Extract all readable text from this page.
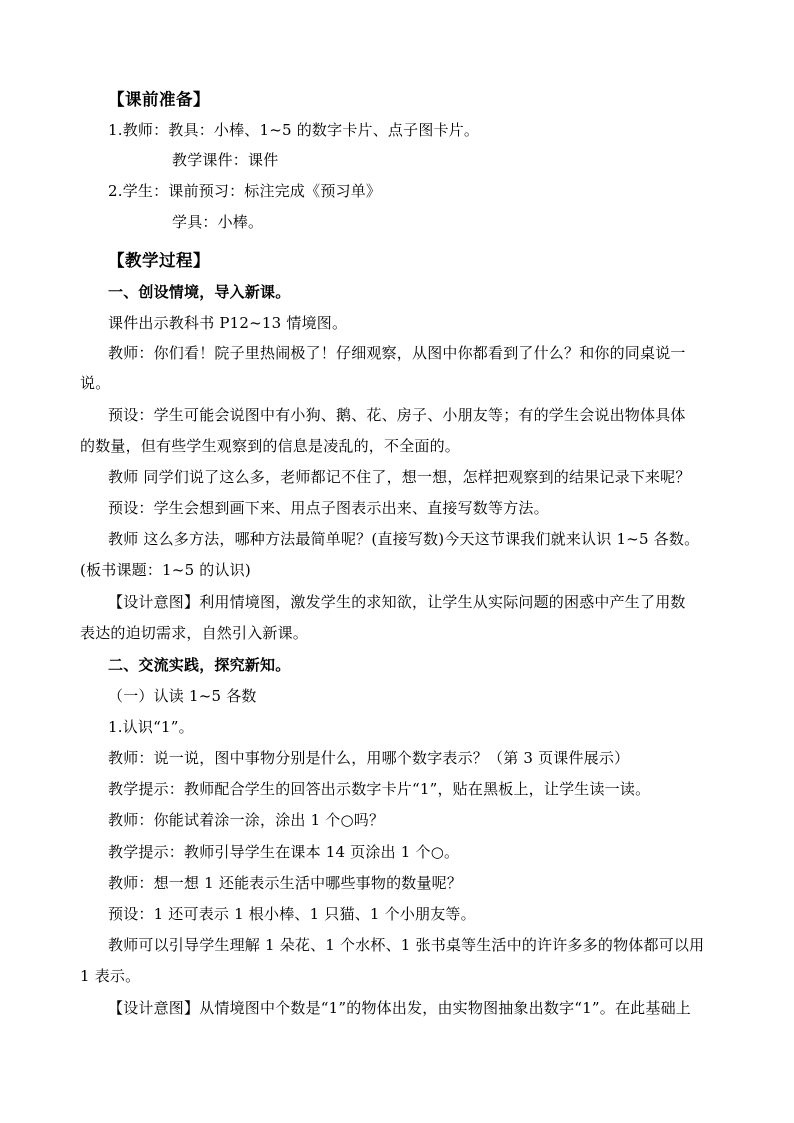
【课前准备】
1.教师：教具：小棒、1~5 的数字卡片、点子图卡片。
教学课件：课件
2.学生：课前预习：标注完成《预习单》
学具：小棒。
【教学过程】
一、创设情境，导入新课。
课件出示教科书 P12~13 情境图。
教师：你们看！院子里热闹极了！仔细观察，从图中你都看到了什么？和你的同桌说一
说。
预设：学生可能会说图中有小狗、鹅、花、房子、小朋友等；有的学生会说出物体具体
的数量，但有些学生观察到的信息是凌乱的，不全面的。
教师 同学们说了这么多，老师都记不住了，想一想，怎样把观察到的结果记录下来呢？
预设：学生会想到画下来、用点子图表示出来、直接写数等方法。
教师 这么多方法，哪种方法最简单呢？(直接写数)今天这节课我们就来认识 1~5 各数。
(板书课题：1~5 的认识)
【设计意图】利用情境图，激发学生的求知欲，让学生从实际问题的困惑中产生了用数
表达的迫切需求，自然引入新课。
二、交流实践，探究新知。
（一）认读 1~5 各数
1.认识“1”。
教师：说一说，图中事物分别是什么，用哪个数字表示？（第 3 页课件展示）
教学提示：教师配合学生的回答出示数字卡片“1”，贴在黑板上，让学生读一读。
教师：你能试着涂一涂，涂出 1 个○吗？
教学提示：教师引导学生在课本 14 页涂出 1 个○。
教师：想一想 1 还能表示生活中哪些事物的数量呢？
预设：1 还可表示 1 根小棒、1 只猫、1 个小朋友等。
教师可以引导学生理解 1 朵花、1 个水杯、1 张书桌等生活中的许许多多的物体都可以用
1 表示。
【设计意图】从情境图中个数是“1”的物体出发，由实物图抽象出数字“1”。在此基础上
